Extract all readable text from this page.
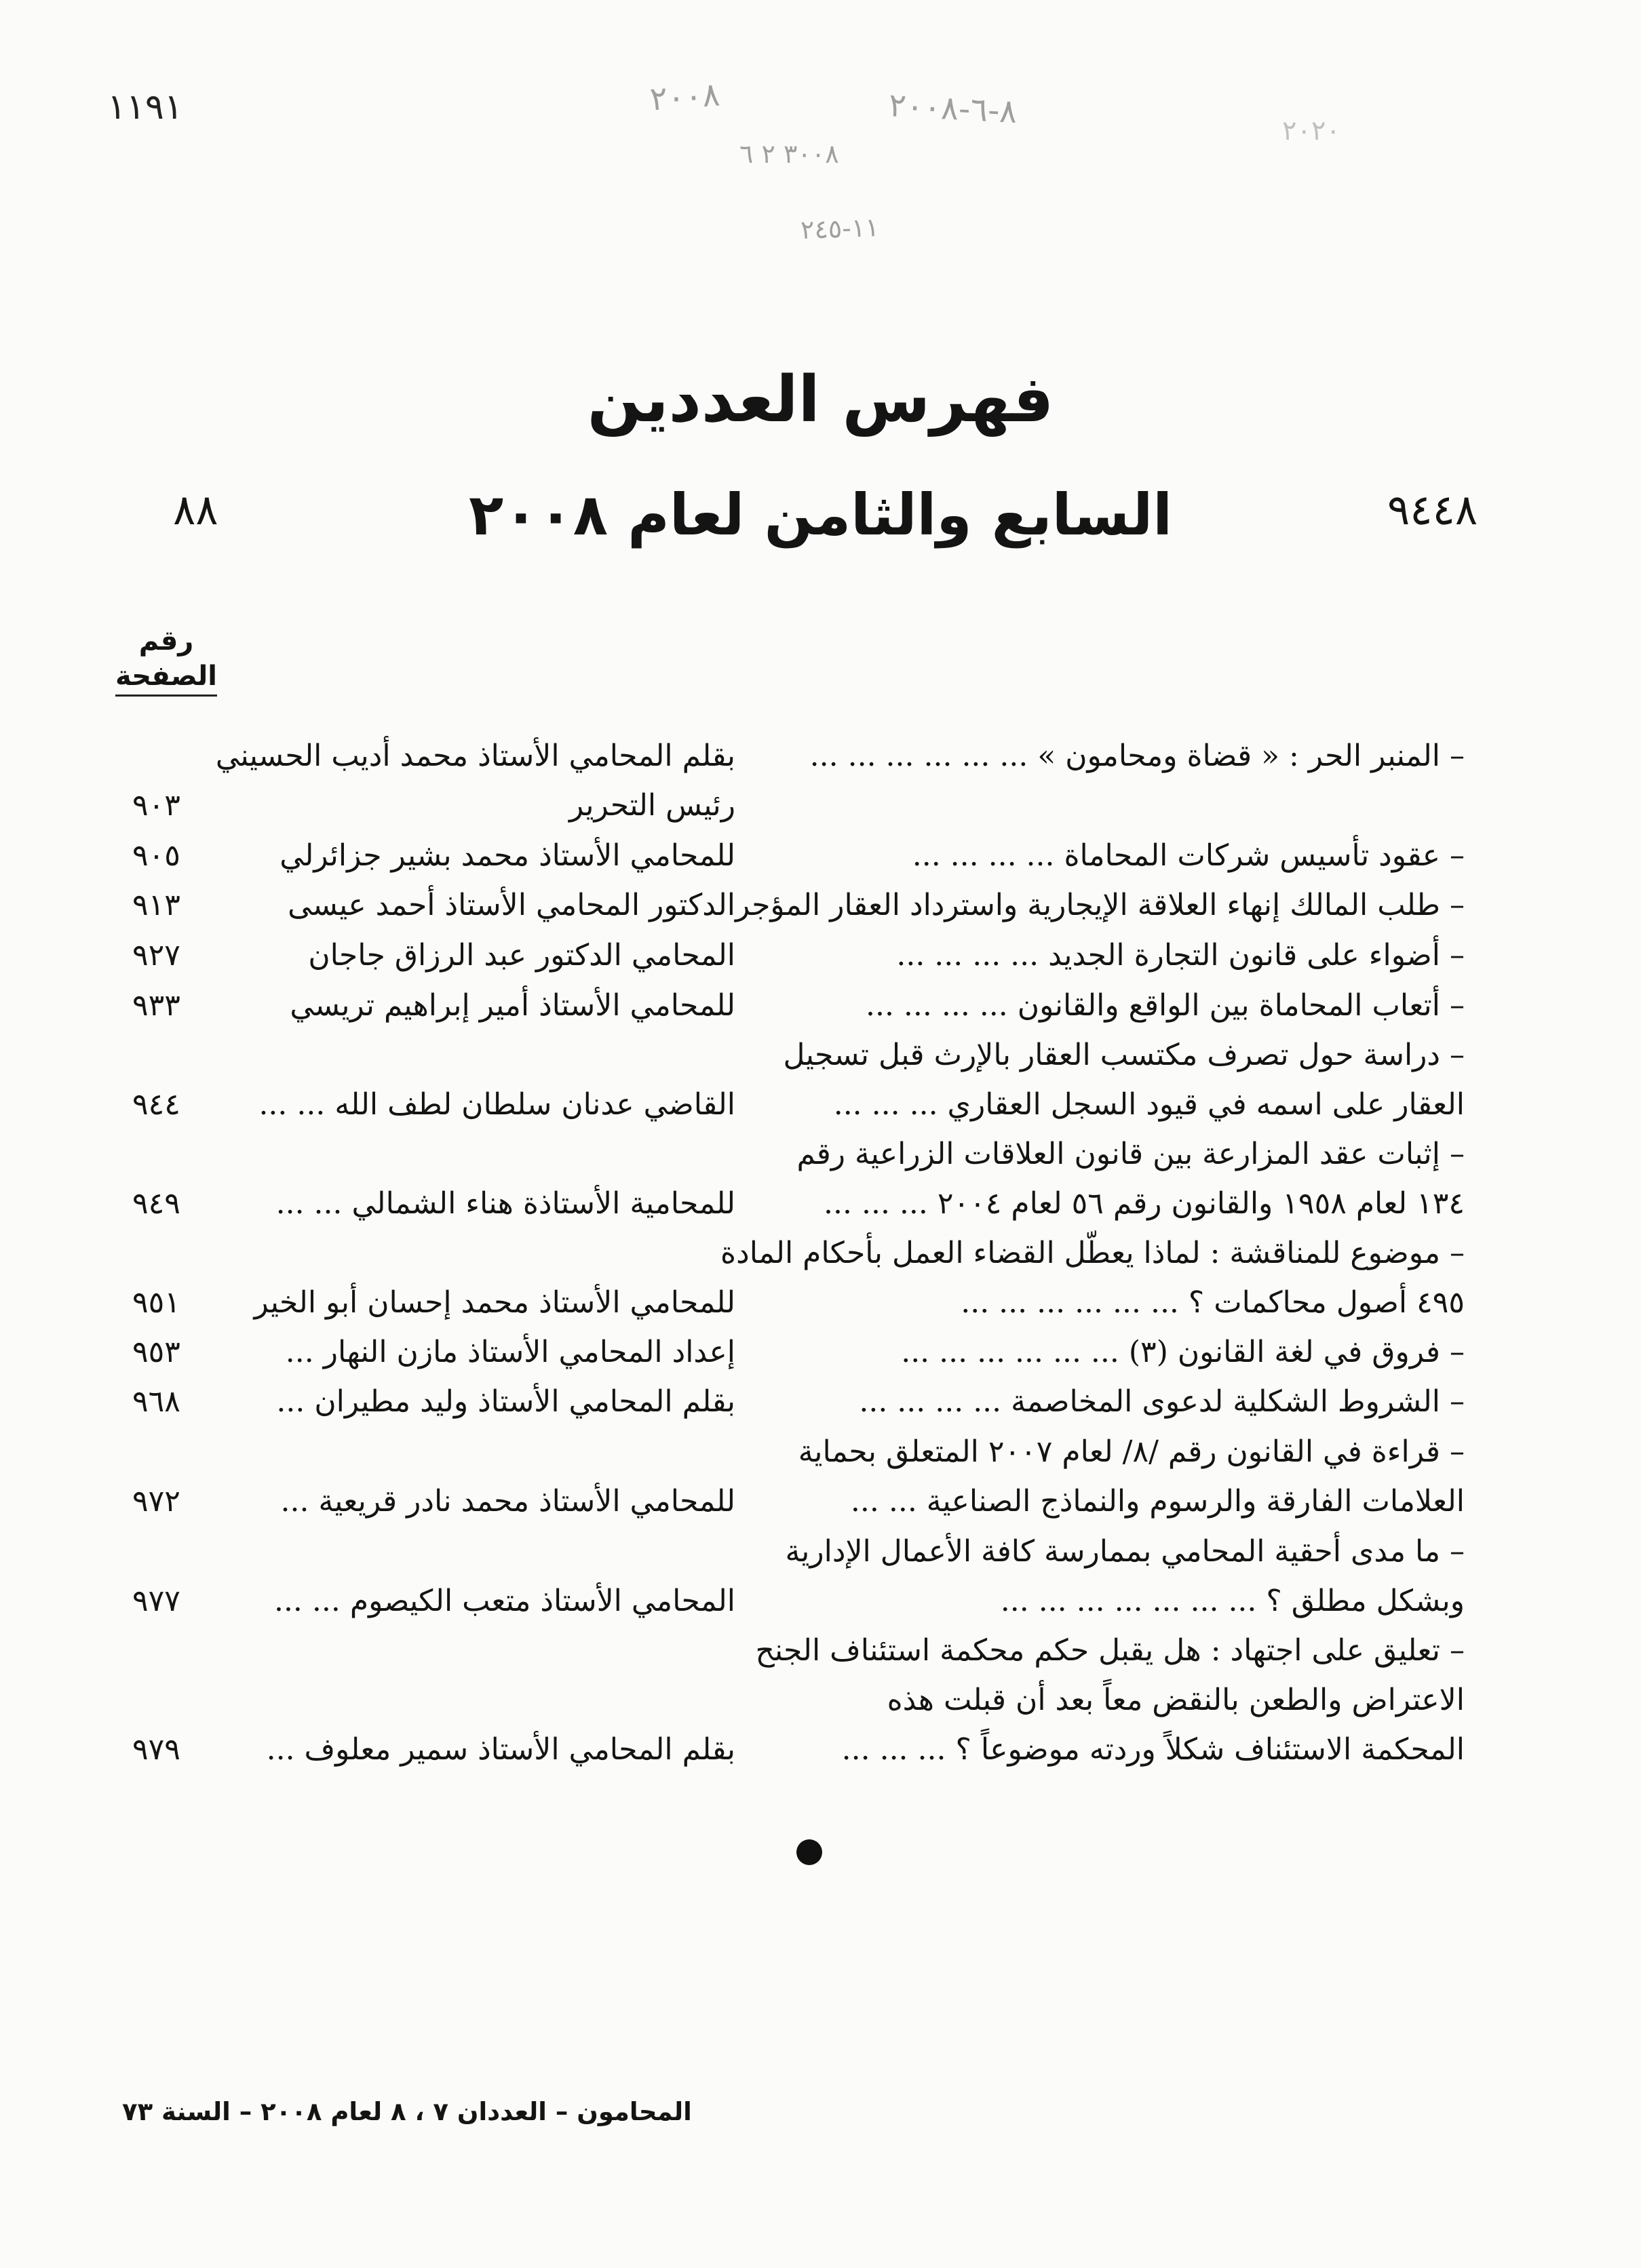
١١٩١	٢٠٠٨	٨-٦-٢٠٠٨
٣٠٠٨ ٢ ٦
١١-٢٤٥
٢٠٢٠
فهرس العددين
السابع والثامن لعام ٢٠٠٨
٨٨	٩٤٤٨
رقم
الصفحة
– المنبر الحر : « قضاة ومحامون » ... ... ... ... ... ...
بقلم المحامي الأستاذ محمد أديب الحسيني
رئيس التحرير
٩٠٣
– عقود تأسيس شركات المحاماة ... ... ... ...
للمحامي الأستاذ محمد بشير جزائرلي
٩٠٥
– طلب المالك إنهاء العلاقة الإيجارية واسترداد العقار المؤجر
الدكتور المحامي الأستاذ أحمد عيسى
٩١٣
– أضواء على قانون التجارة الجديد ... ... ... ...
المحامي الدكتور عبد الرزاق جاجان
٩٢٧
– أتعاب المحاماة بين الواقع والقانون ... ... ... ...
للمحامي الأستاذ أمير إبراهيم تريسي
٩٣٣
– دراسة حول تصرف مكتسب العقار بالإرث قبل تسجيل
العقار على اسمه في قيود السجل العقاري ... ... ...
القاضي عدنان سلطان لطف الله ... ...
٩٤٤
– إثبات عقد المزارعة بين قانون العلاقات الزراعية رقم
١٣٤ لعام ١٩٥٨ والقانون رقم ٥٦ لعام ٢٠٠٤ ... ... ...
للمحامية الأستاذة هناء الشمالي ... ...
٩٤٩
– موضوع للمناقشة : لماذا يعطّل القضاء العمل بأحكام المادة
٤٩٥ أصول محاكمات ؟ ... ... ... ... ... ...
للمحامي الأستاذ محمد إحسان أبو الخير
٩٥١
– فروق في لغة القانون (٣) ... ... ... ... ... ...
إعداد المحامي الأستاذ مازن النهار ...
٩٥٣
– الشروط الشكلية لدعوى المخاصمة ... ... ... ...
بقلم المحامي الأستاذ وليد مطيران ...
٩٦٨
– قراءة في القانون رقم /٨/ لعام ٢٠٠٧ المتعلق بحماية
العلامات الفارقة والرسوم والنماذج الصناعية ... ...
للمحامي الأستاذ محمد نادر قريعية ...
٩٧٢
– ما مدى أحقية المحامي بممارسة كافة الأعمال الإدارية
وبشكل مطلق ؟ ... ... ... ... ... ... ...
المحامي الأستاذ متعب الكيصوم ... ...
٩٧٧
– تعليق على اجتهاد : هل يقبل حكم محكمة استئناف الجنح
الاعتراض والطعن بالنقض معاً بعد أن قبلت هذه
المحكمة الاستئناف شكلاً وردته موضوعاً ؟ ... ... ...
بقلم المحامي الأستاذ سمير معلوف ...
٩٧٩
المحامون – العددان ٧ ، ٨ لعام ٢٠٠٨ – السنة ٧٣
